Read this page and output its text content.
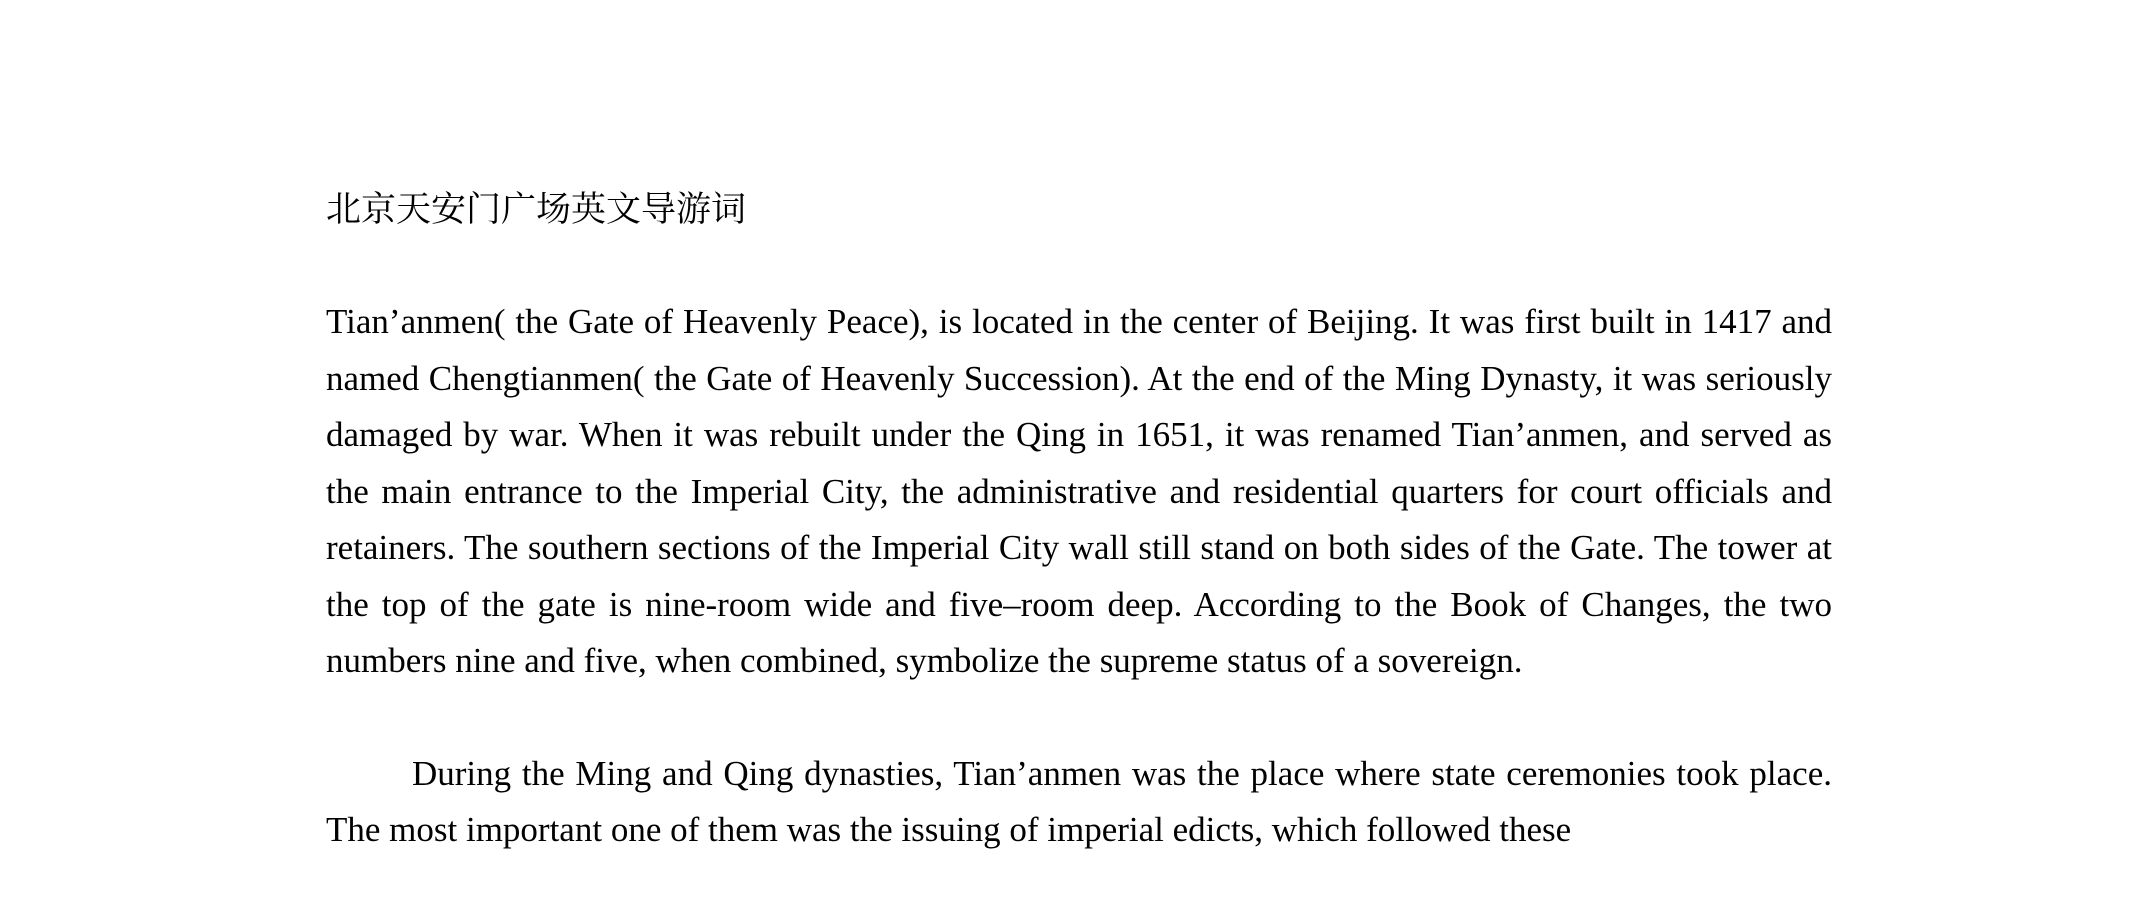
北京天安门广场英文导游词

Tian’anmen( the Gate of Heavenly Peace), is located in the center of Beijing. It was first built in 1417 and named Chengtianmen( the Gate of Heavenly Succession). At the end of the Ming Dynasty, it was seriously damaged by war. When it was rebuilt under the Qing in 1651, it was renamed Tian’anmen, and served as the main entrance to the Imperial City, the administrative and residential quarters for court officials and retainers. The southern sections of the Imperial City wall still stand on both sides of the Gate. The tower at the top of the gate is nine-room wide and five–room deep. According to the Book of Changes, the two numbers nine and five, when combined, symbolize the supreme status of a sovereign.

During the Ming and Qing dynasties, Tian’anmen was the place where state ceremonies took place. The most important one of them was the issuing of imperial edicts, which followed these
